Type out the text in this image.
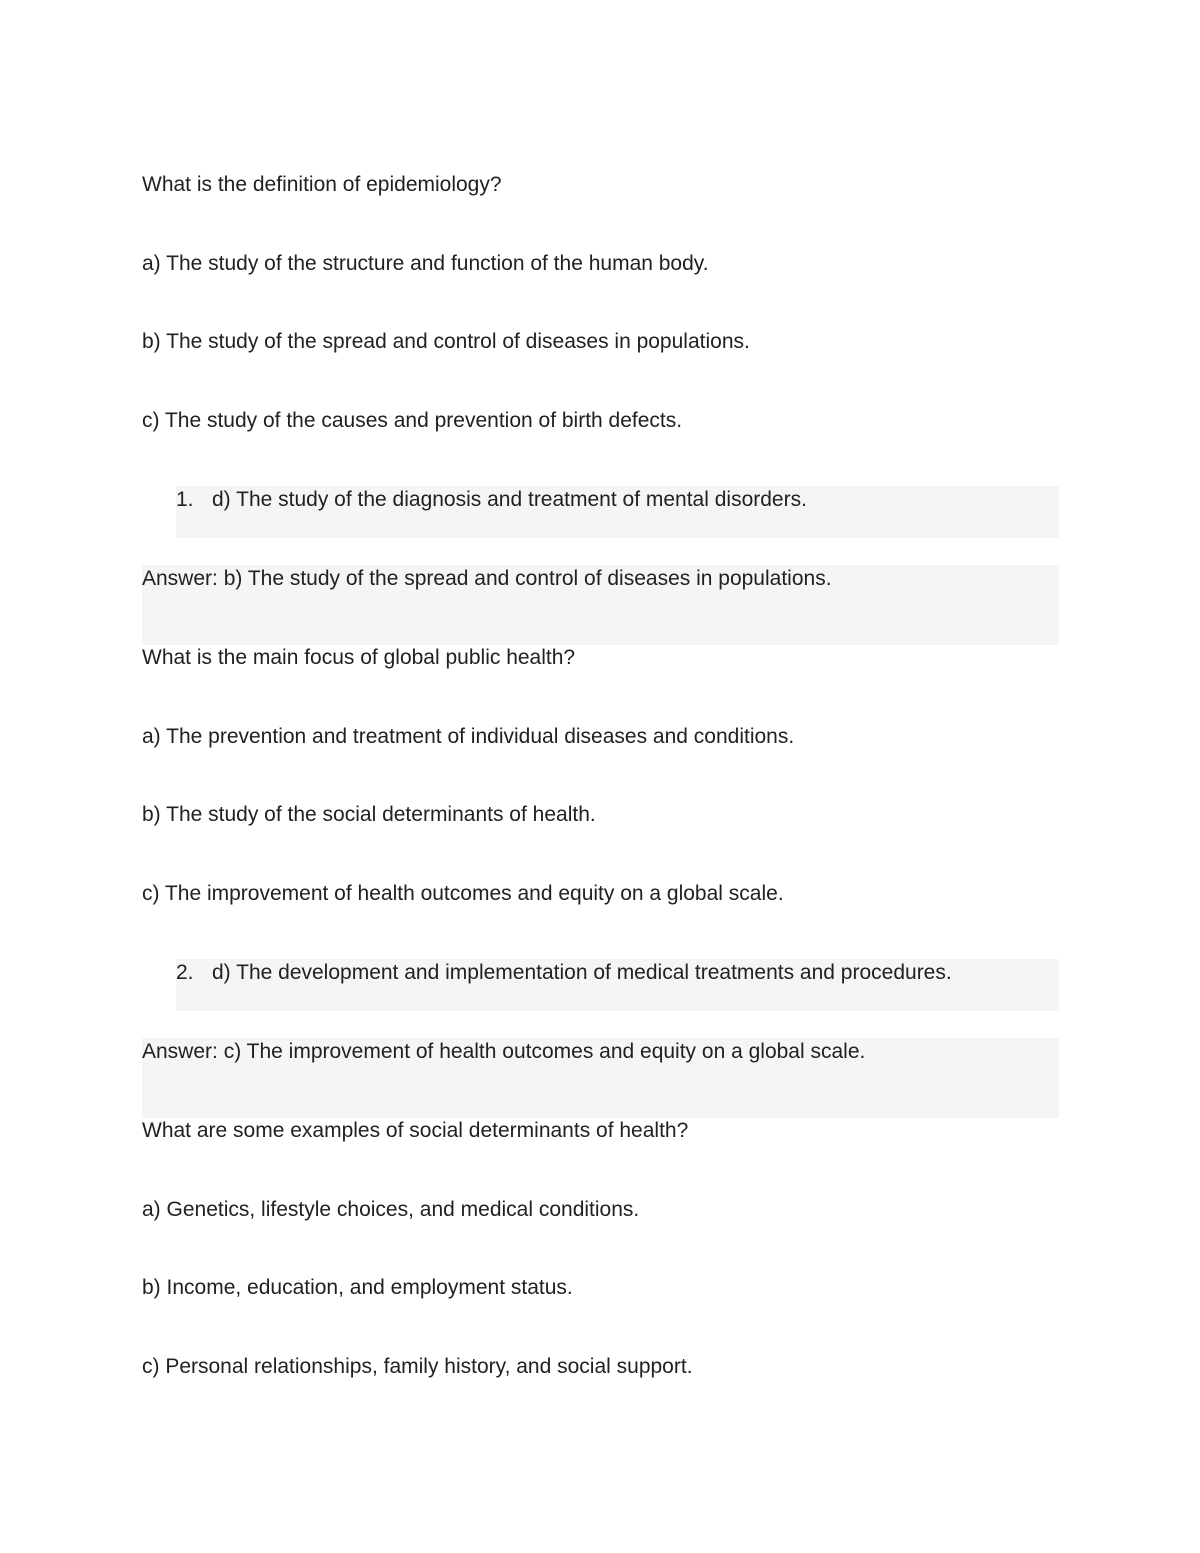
What is the definition of epidemiology?
a) The study of the structure and function of the human body.
b) The study of the spread and control of diseases in populations.
c) The study of the causes and prevention of birth defects.
1. d) The study of the diagnosis and treatment of mental disorders.
Answer: b) The study of the spread and control of diseases in populations.
What is the main focus of global public health?
a) The prevention and treatment of individual diseases and conditions.
b) The study of the social determinants of health.
c) The improvement of health outcomes and equity on a global scale.
2. d) The development and implementation of medical treatments and procedures.
Answer: c) The improvement of health outcomes and equity on a global scale.
What are some examples of social determinants of health?
a) Genetics, lifestyle choices, and medical conditions.
b) Income, education, and employment status.
c) Personal relationships, family history, and social support.
